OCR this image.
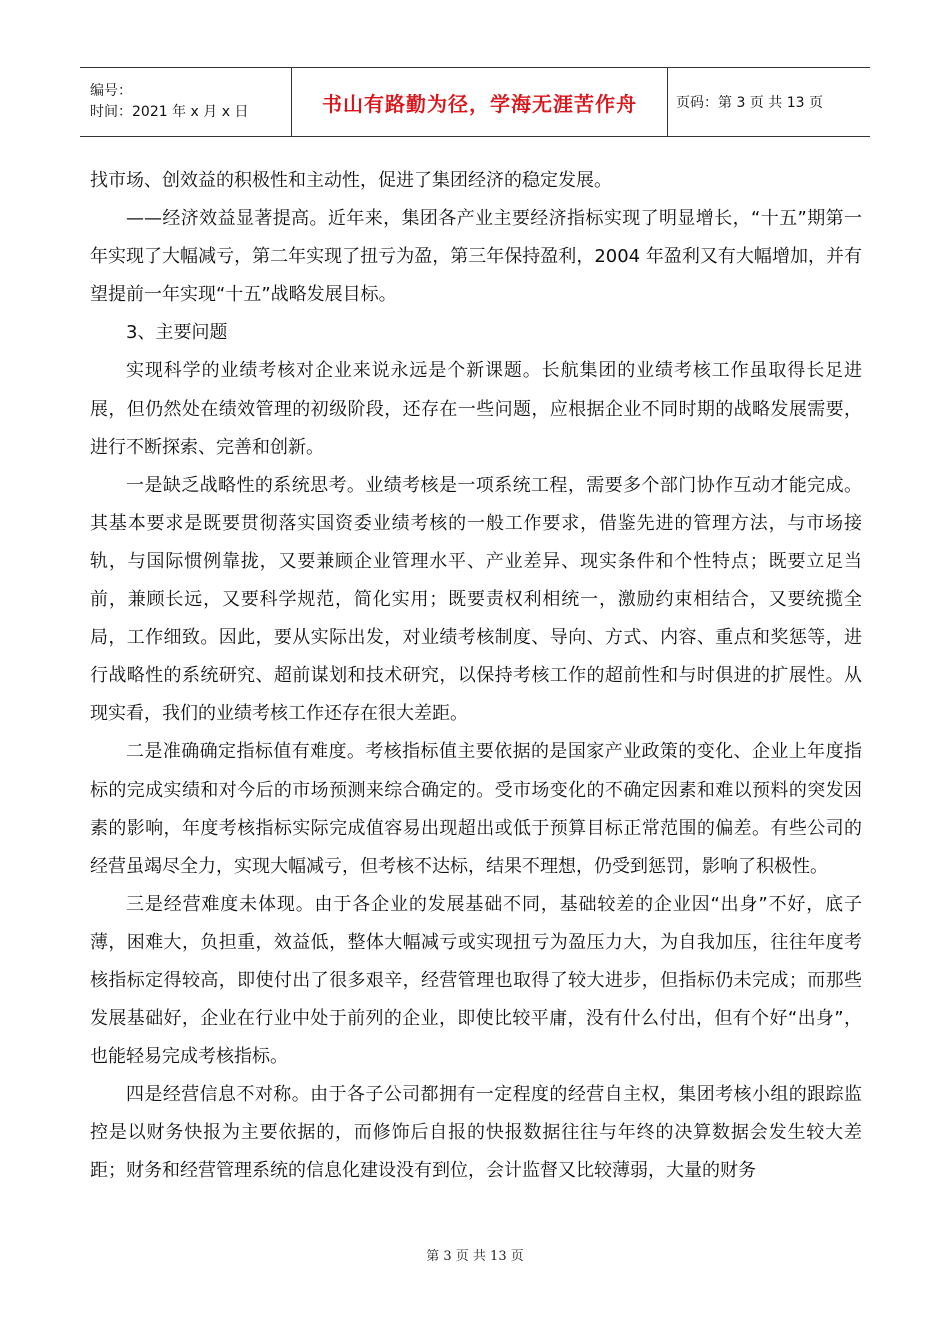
编号：
时间：2021 年 x 月 x 日	书山有路勤为径，学海无涯苦作舟	页码：第 3 页 共 13 页

找市场、创效益的积极性和主动性，促进了集团经济的稳定发展。

——经济效益显著提高。近年来，集团各产业主要经济指标实现了明显增长，“十五”期第一年实现了大幅减亏，第二年实现了扭亏为盈，第三年保持盈利，2004 年盈利又有大幅增加，并有望提前一年实现“十五”战略发展目标。

3、主要问题

实现科学的业绩考核对企业来说永远是个新课题。长航集团的业绩考核工作虽取得长足进展，但仍然处在绩效管理的初级阶段，还存在一些问题，应根据企业不同时期的战略发展需要，进行不断探索、完善和创新。

一是缺乏战略性的系统思考。业绩考核是一项系统工程，需要多个部门协作互动才能完成。其基本要求是既要贯彻落实国资委业绩考核的一般工作要求，借鉴先进的管理方法，与市场接轨，与国际惯例靠拢，又要兼顾企业管理水平、产业差异、现实条件和个性特点；既要立足当前，兼顾长远，又要科学规范，简化实用；既要责权利相统一，激励约束相结合，又要统揽全局，工作细致。因此，要从实际出发，对业绩考核制度、导向、方式、内容、重点和奖惩等，进行战略性的系统研究、超前谋划和技术研究，以保持考核工作的超前性和与时俱进的扩展性。从现实看，我们的业绩考核工作还存在很大差距。

二是准确确定指标值有难度。考核指标值主要依据的是国家产业政策的变化、企业上年度指标的完成实绩和对今后的市场预测来综合确定的。受市场变化的不确定因素和难以预料的突发因素的影响，年度考核指标实际完成值容易出现超出或低于预算目标正常范围的偏差。有些公司的经营虽竭尽全力，实现大幅减亏，但考核不达标，结果不理想，仍受到惩罚，影响了积极性。

三是经营难度未体现。由于各企业的发展基础不同，基础较差的企业因“出身”不好，底子薄，困难大，负担重，效益低，整体大幅减亏或实现扭亏为盈压力大，为自我加压，往往年度考核指标定得较高，即使付出了很多艰辛，经营管理也取得了较大进步，但指标仍未完成；而那些发展基础好，企业在行业中处于前列的企业，即使比较平庸，没有什么付出，但有个好“出身”，也能轻易完成考核指标。

四是经营信息不对称。由于各子公司都拥有一定程度的经营自主权，集团考核小组的跟踪监控是以财务快报为主要依据的，而修饰后自报的快报数据往往与年终的决算数据会发生较大差距；财务和经营管理系统的信息化建设没有到位，会计监督又比较薄弱，大量的财务

第 3 页 共 13 页
